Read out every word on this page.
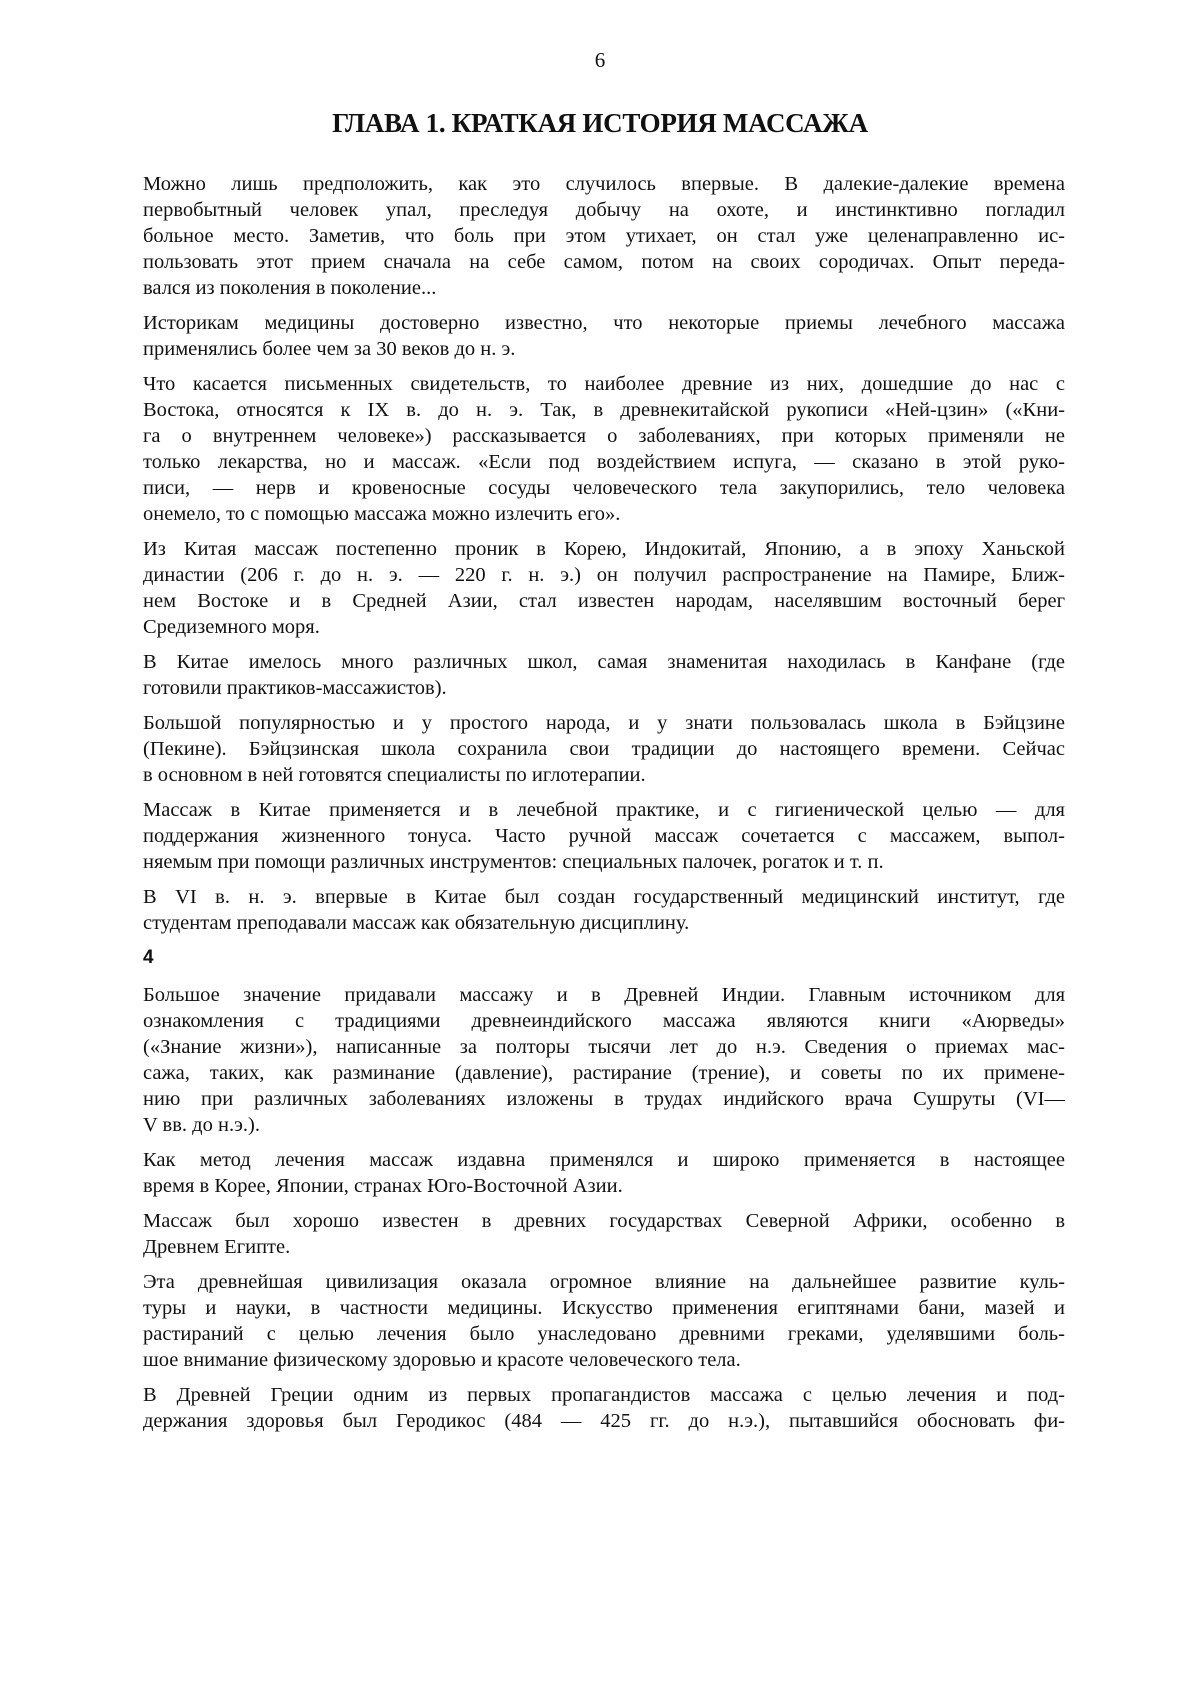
6
ГЛАВА 1. КРАТКАЯ ИСТОРИЯ МАССАЖА
Можно лишь предположить, как это случилось впервые. В далекие-далекие времена
первобытный человек упал, преследуя добычу на охоте, и инстинктивно погладил
больное место. Заметив, что боль при этом утихает, он стал уже целенаправленно ис-
пользовать этот прием сначала на себе самом, потом на своих сородичах. Опыт переда-
вался из поколения в поколение...
Историкам медицины достоверно известно, что некоторые приемы лечебного массажа
применялись более чем за 30 веков до н. э.
Что касается письменных свидетельств, то наиболее древние из них, дошедшие до нас с
Востока, относятся к IX в. до н. э. Так, в древнекитайской рукописи «Ней-цзин» («Кни-
га о внутреннем человеке») рассказывается о заболеваниях, при которых применяли не
только лекарства, но и массаж. «Если под воздействием испуга, — сказано в этой руко-
писи, — нерв и кровеносные сосуды человеческого тела закупорились, тело человека
онемело, то с помощью массажа можно излечить его».
Из Китая массаж постепенно проник в Корею, Индокитай, Японию, а в эпоху Ханьской
династии (206 г. до н. э. — 220 г. н. э.) он получил распространение на Памире, Ближ-
нем Востоке и в Средней Азии, стал известен народам, населявшим восточный берег
Средиземного моря.
В Китае имелось много различных школ, самая знаменитая находилась в Канфане (где
готовили практиков-массажистов).
Большой популярностью и у простого народа, и у знати пользовалась школа в Бэйцзине
(Пекине). Бэйцзинская школа сохранила свои традиции до настоящего времени. Сейчас
в основном в ней готовятся специалисты по иглотерапии.
Массаж в Китае применяется и в лечебной практике, и с гигиенической целью — для
поддержания жизненного тонуса. Часто ручной массаж сочетается с массажем, выпол-
няемым при помощи различных инструментов: специальных палочек, рогаток и т. п.
В VI в. н. э. впервые в Китае был создан государственный медицинский институт, где
студентам преподавали массаж как обязательную дисциплину.
4
Большое значение придавали массажу и в Древней Индии. Главным источником для
ознакомления с традициями древнеиндийского массажа являются книги «Аюрведы»
(«Знание жизни»), написанные за полторы тысячи лет до н.э. Сведения о приемах мас-
сажа, таких, как разминание (давление), растирание (трение), и советы по их примене-
нию при различных заболеваниях изложены в трудах индийского врача Сушруты (VI—
V вв. до н.э.).
Как метод лечения массаж издавна применялся и широко применяется в настоящее
время в Корее, Японии, странах Юго-Восточной Азии.
Массаж был хорошо известен в древних государствах Северной Африки, особенно в
Древнем Египте.
Эта древнейшая цивилизация оказала огромное влияние на дальнейшее развитие куль-
туры и науки, в частности медицины. Искусство применения египтянами бани, мазей и
растираний с целью лечения было унаследовано древними греками, уделявшими боль-
шое внимание физическому здоровью и красоте человеческого тела.
В Древней Греции одним из первых пропагандистов массажа с целью лечения и под-
держания здоровья был Геродикос (484 — 425 гг. до н.э.), пытавшийся обосновать фи-
